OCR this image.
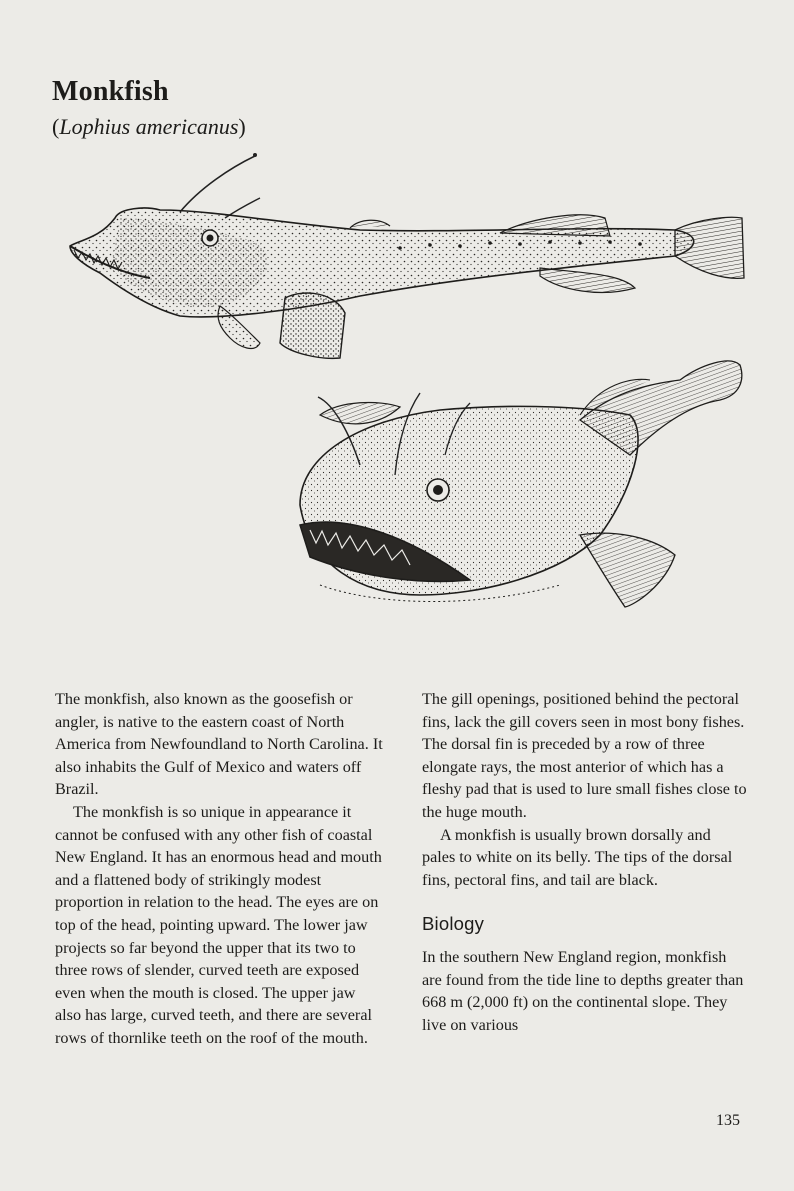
Monkfish
(Lophius americanus)

The monkfish, also known as the goosefish or angler, is native to the eastern coast of North America from Newfoundland to North Carolina. It also inhabits the Gulf of Mexico and waters off Brazil.

The monkfish is so unique in appearance it cannot be confused with any other fish of coastal New England. It has an enormous head and mouth and a flattened body of strikingly modest proportion in relation to the head. The eyes are on top of the head, pointing upward. The lower jaw projects so far beyond the upper that its two to three rows of slender, curved teeth are exposed even when the mouth is closed. The upper jaw also has large, curved teeth, and there are several rows of thornlike teeth on the roof of the mouth.

The gill openings, positioned behind the pectoral fins, lack the gill covers seen in most bony fishes. The dorsal fin is preceded by a row of three elongate rays, the most anterior of which has a fleshy pad that is used to lure small fishes close to the huge mouth.

A monkfish is usually brown dorsally and pales to white on its belly. The tips of the dorsal fins, pectoral fins, and tail are black.

Biology

In the southern New England region, monkfish are found from the tide line to depths greater than 668 m (2,000 ft) on the continental slope. They live on various

135
